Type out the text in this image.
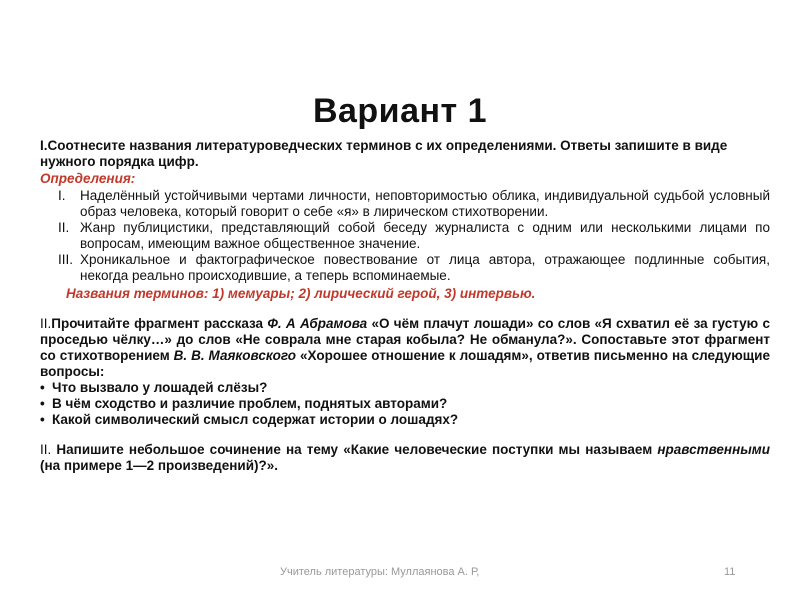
Вариант 1

I.Соотнесите названия литературоведческих терминов с их определениями. Ответы запишите в виде нужного порядка цифр.

Определения:
I. Наделённый устойчивыми чертами личности, неповторимостью облика, индивидуальной судьбой условный образ человека, который говорит о себе «я» в лирическом стихотворении.
II. Жанр публицистики, представляющий собой беседу журналиста с одним или несколькими лицами по вопросам, имеющим важное общественное значение.
III. Хроникальное и фактографическое повествование от лица автора, отражающее подлинные события, некогда реально происходившие, а теперь вспоминаемые.
Названия терминов: 1) мемуары; 2) лирический герой, 3) интервью.

II.Прочитайте фрагмент рассказа Ф. А Абрамова «О чём плачут лошади» со слов «Я схватил её за густую с проседью чёлку…» до слов «Не соврала мне старая кобыла? Не обманула?». Сопоставьте этот фрагмент со стихотворением В. В. Маяковского «Хорошее отношение к лошадям», ответив письменно на следующие вопросы:

• Что вызвало у лошадей слёзы?
• В чём сходство и различие проблем, поднятых авторами?
• Какой символический смысл содержат истории о лошадях?

II. Напишите небольшое сочинение на тему «Какие человеческие поступки мы называем нравственными (на примере 1—2 произведений)?».

Учитель литературы: Муллаянова А. Р,	11
